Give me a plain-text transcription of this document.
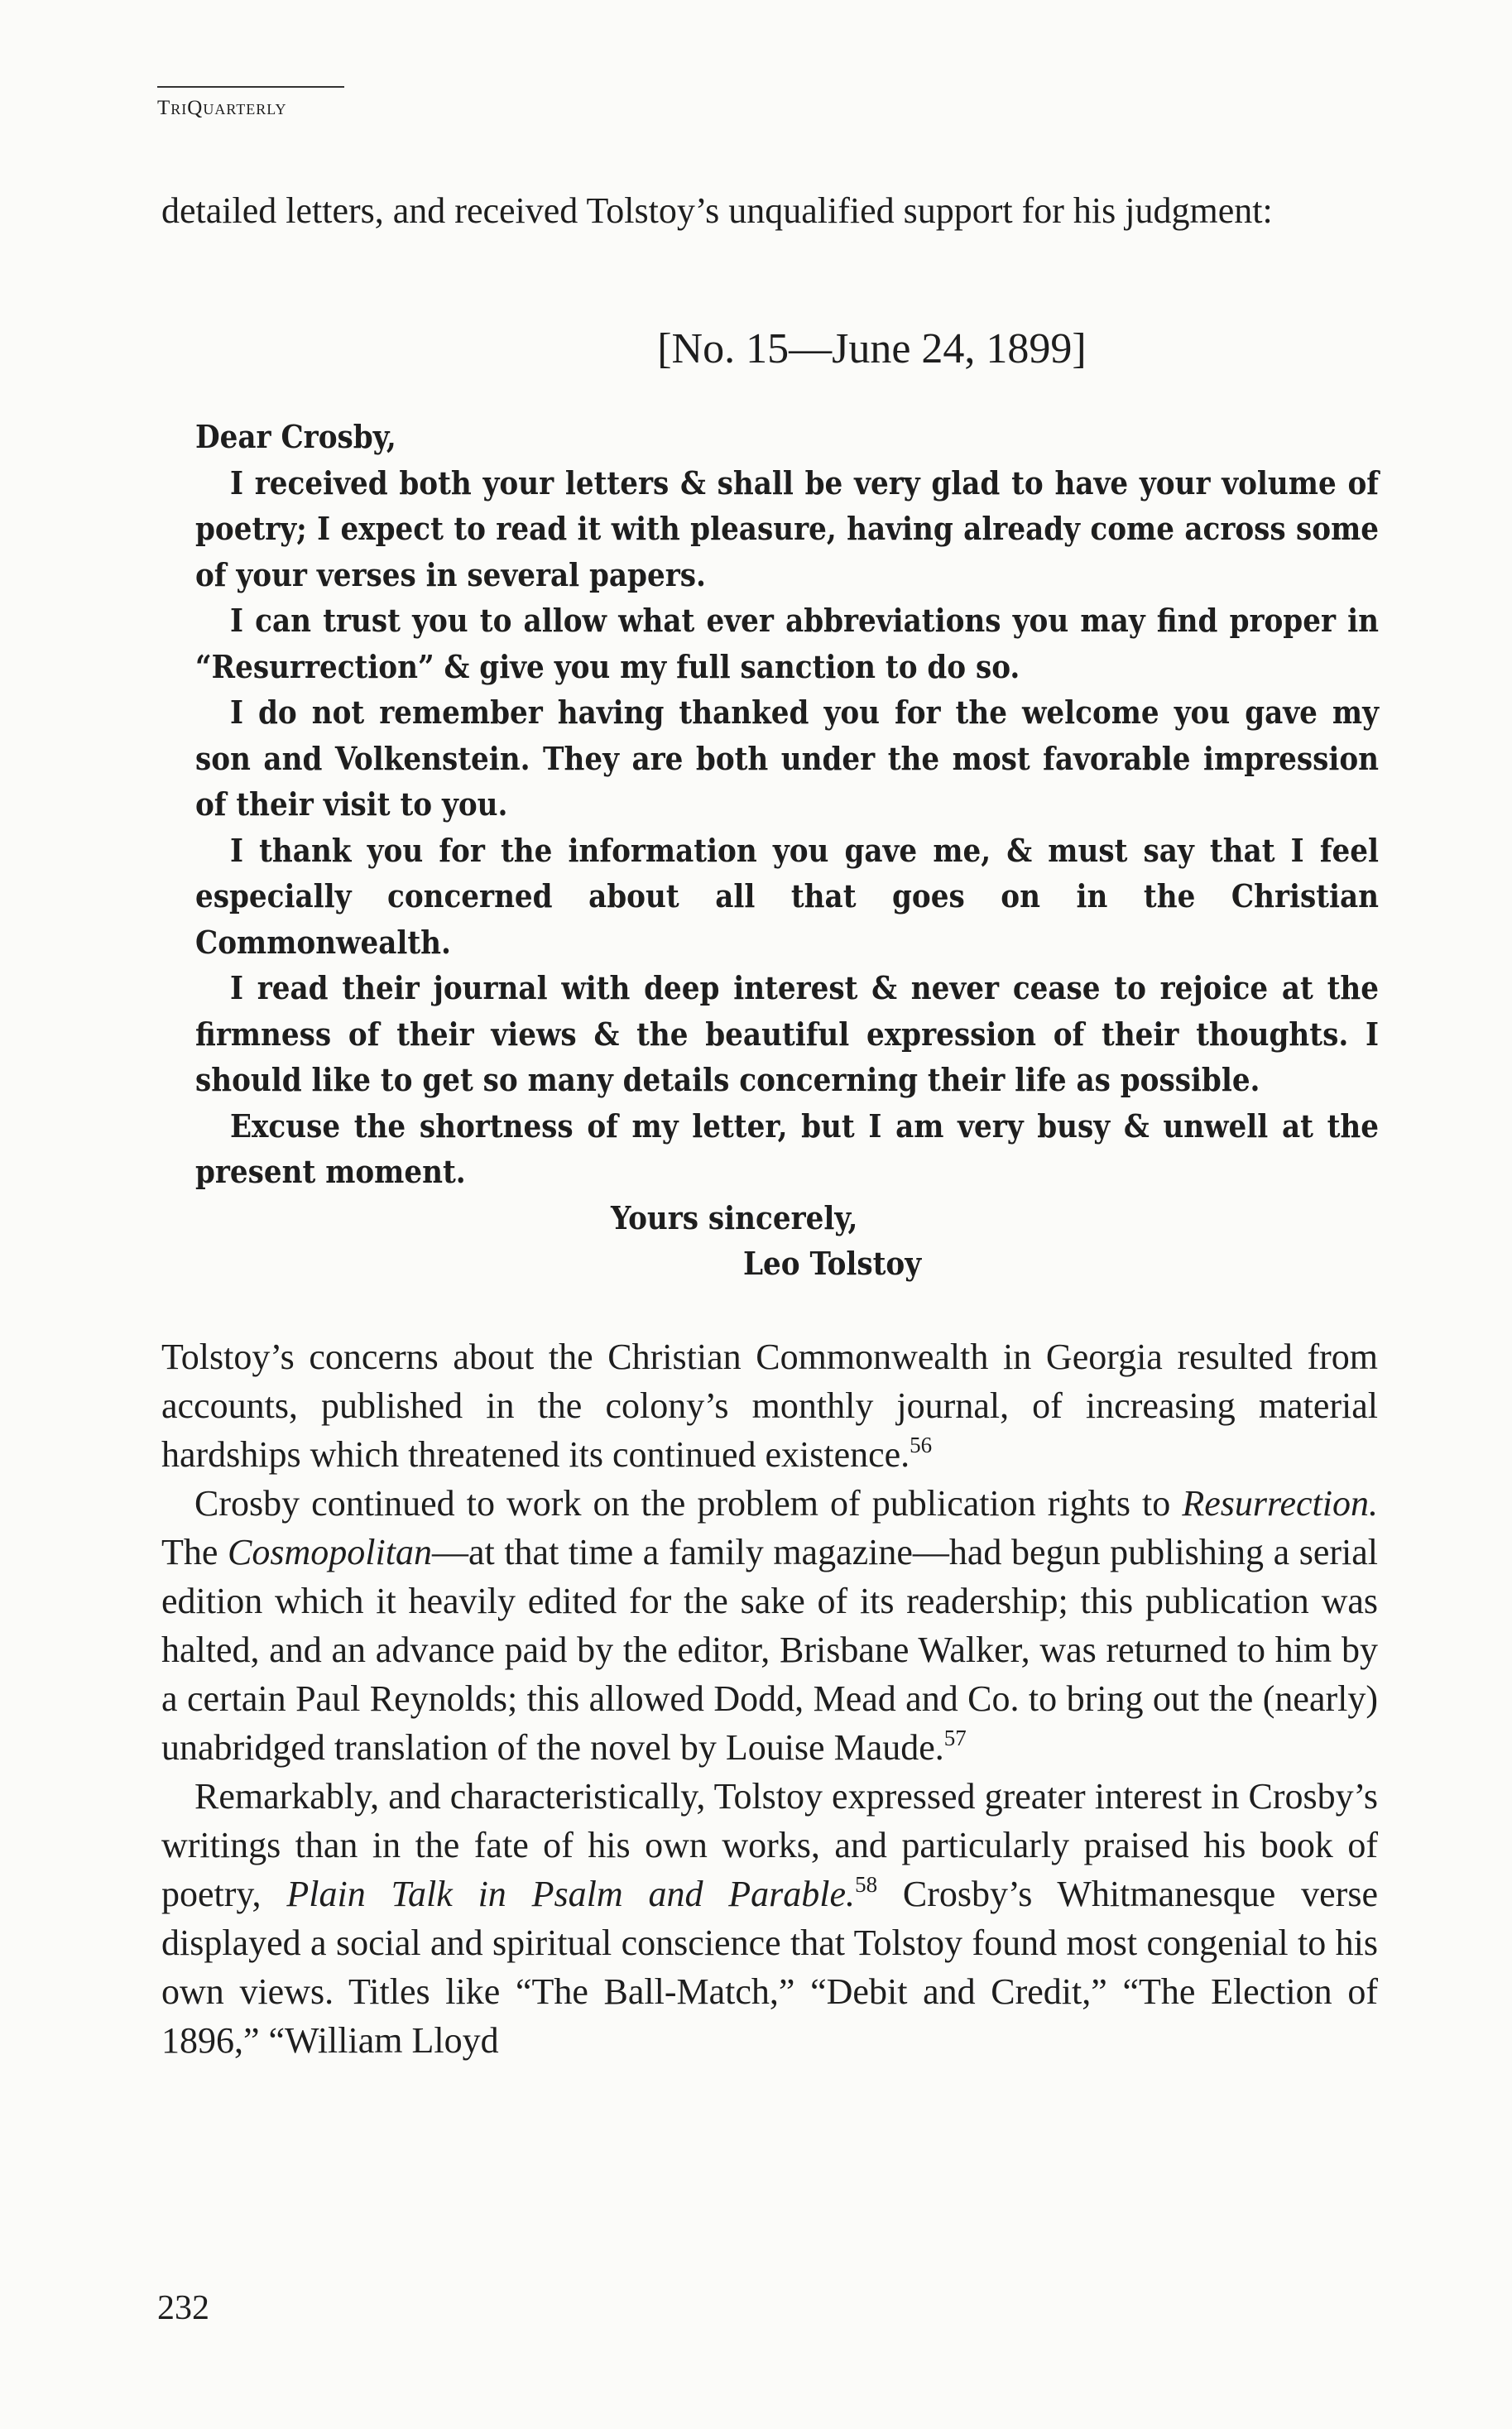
TriQuarterly

detailed letters, and received Tolstoy’s unqualified support for his judgment:

[No. 15—June 24, 1899]

Dear Crosby,

I received both your letters & shall be very glad to have your volume of poetry; I expect to read it with pleasure, having already come across some of your verses in several papers.

I can trust you to allow what ever abbreviations you may find proper in “Resurrection” & give you my full sanction to do so.

I do not remember having thanked you for the welcome you gave my son and Volkenstein. They are both under the most favorable impression of their visit to you.

I thank you for the information you gave me, & must say that I feel especially concerned about all that goes on in the Christian Commonwealth.

I read their journal with deep interest & never cease to rejoice at the firmness of their views & the beautiful expression of their thoughts. I should like to get so many details concerning their life as possible.

Excuse the shortness of my letter, but I am very busy & unwell at the present moment.

Yours sincerely,

Leo Tolstoy

Tolstoy’s concerns about the Christian Commonwealth in Georgia resulted from accounts, published in the colony’s monthly journal, of increasing material hardships which threatened its continued existence.$^{56}$

Crosby continued to work on the problem of publication rights to Resurrection. The Cosmopolitan—at that time a family magazine—had begun publishing a serial edition which it heavily edited for the sake of its readership; this publication was halted, and an advance paid by the editor, Brisbane Walker, was returned to him by a certain Paul Reynolds; this allowed Dodd, Mead and Co. to bring out the (nearly) unabridged translation of the novel by Louise Maude.$^{57}$

Remarkably, and characteristically, Tolstoy expressed greater interest in Crosby’s writings than in the fate of his own works, and particularly praised his book of poetry, Plain Talk in Psalm and Parable.$^{58}$ Crosby’s Whitmanesque verse displayed a social and spiritual conscience that Tolstoy found most congenial to his own views. Titles like “The Ball-Match,” “Debit and Credit,” “The Election of 1896,” “William Lloyd

232
